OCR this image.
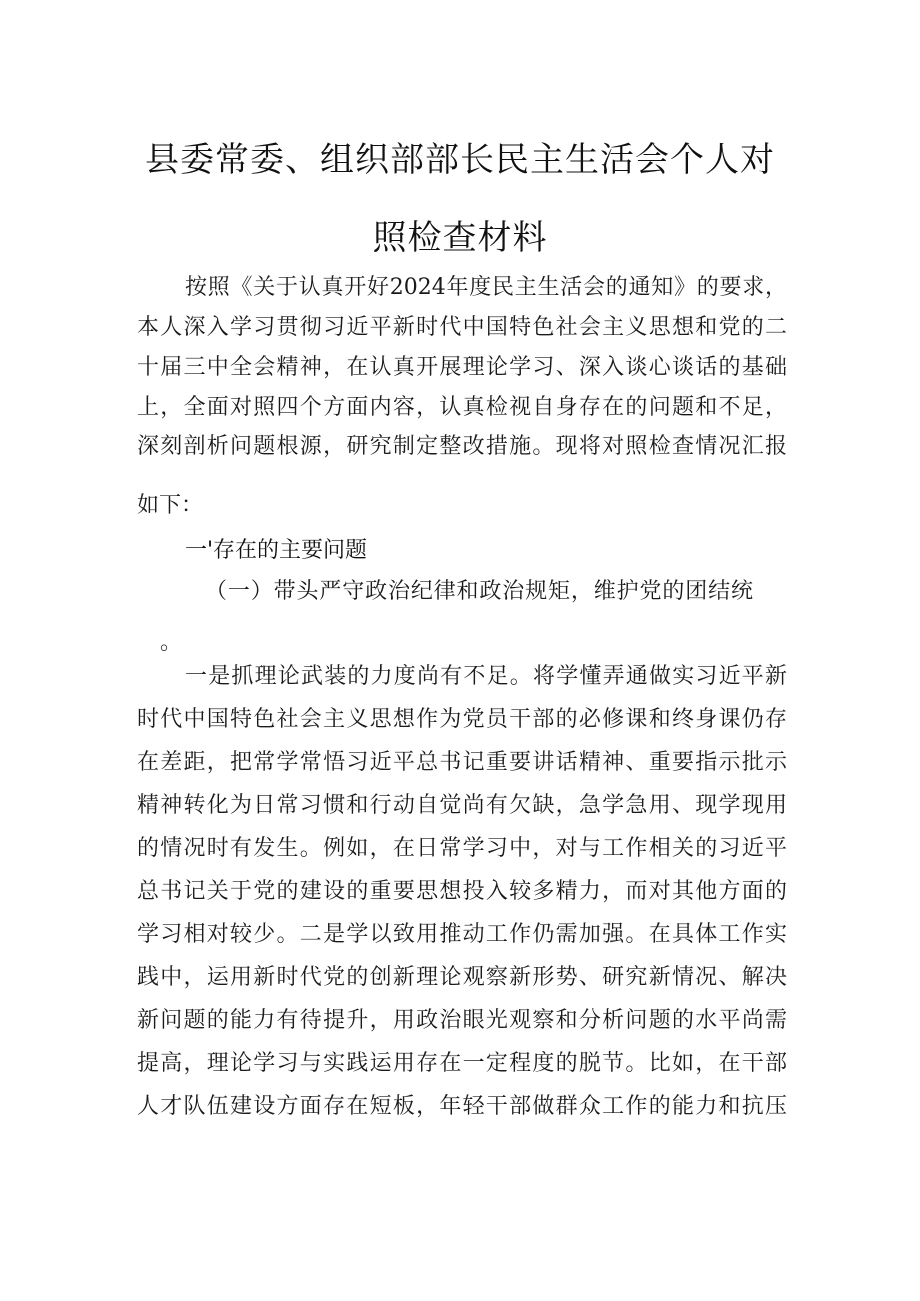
县委常委、组织部部长民主生活会个人对
照检查材料
按照《关于认真开好2024年度民主生活会的通知》的要求，
本人深入学习贯彻习近平新时代中国特色社会主义思想和党的二
十届三中全会精神，在认真开展理论学习、深入谈心谈话的基础
上，全面对照四个方面内容，认真检视自身存在的问题和不足，
深刻剖析问题根源，研究制定整改措施。现将对照检查情况汇报
如下：
一'存在的主要问题
（一）带头严守政治纪律和政治规矩，维护党的团结统
。
一是抓理论武装的力度尚有不足。将学懂弄通做实习近平新
时代中国特色社会主义思想作为党员干部的必修课和终身课仍存
在差距，把常学常悟习近平总书记重要讲话精神、重要指示批示
精神转化为日常习惯和行动自觉尚有欠缺，急学急用、现学现用
的情况时有发生。例如，在日常学习中，对与工作相关的习近平
总书记关于党的建设的重要思想投入较多精力，而对其他方面的
学习相对较少。二是学以致用推动工作仍需加强。在具体工作实
践中，运用新时代党的创新理论观察新形势、研究新情况、解决
新问题的能力有待提升，用政治眼光观察和分析问题的水平尚需
提高，理论学习与实践运用存在一定程度的脱节。比如，在干部
人才队伍建设方面存在短板，年轻干部做群众工作的能力和抗压
